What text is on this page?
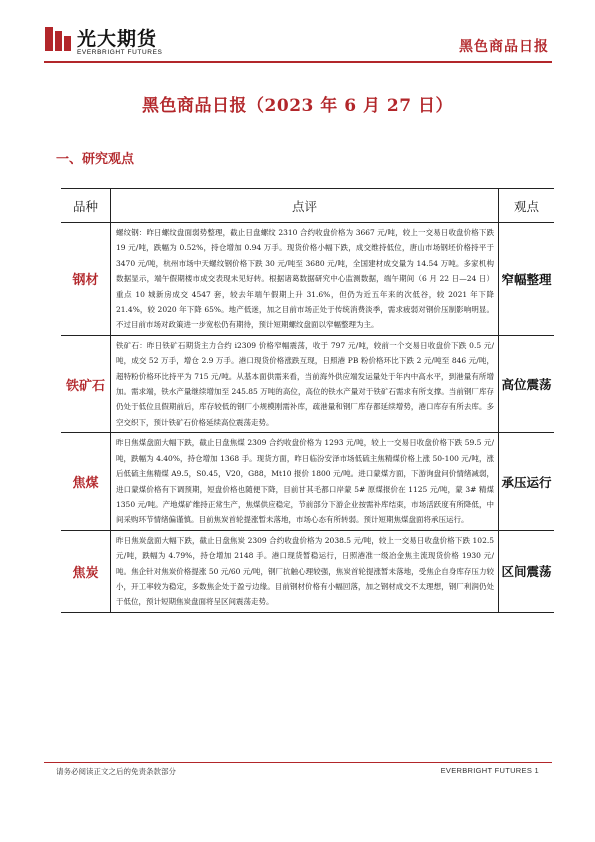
光大期货
EVERBRIGHT FUTURES	黑色商品日报
黑色商品日报（2023 年 6 月 27 日）
一、研究观点
品种	点评	观点
钢材	螺纹钢：昨日螺纹盘面弱势整理，截止日盘螺纹 2310 合约收盘价格为 3667 元/吨，较上一交易日收盘价格下跌 19 元/吨，跌幅为 0.52%，持仓增加 0.94 万手。现货价格小幅下跌，成交维持低位，唐山市场钢坯价格持平于 3470 元/吨，杭州市场中天螺纹钢价格下跌 30 元/吨至 3680 元/吨，全国建材成交量为 14.54 万吨。多家机构数据显示，端午假期楼市成交表现未见好转。根据诸葛数据研究中心监测数据，端午期间（6 月 22 日—24 日）重点 10 城新房成交 4547 套，较去年端午假期上升 31.6%，但仍为近五年来的次低谷，较 2021 年下降 21.4%，较 2020 年下降 65%。地产低迷，加之目前市场正处于传统消费淡季，需求疲弱对钢价压制影响明显。不过目前市场对政策进一步宽松仍有期待，预计短期螺纹盘面以窄幅整理为主。	窄幅整理
铁矿石	铁矿石：昨日铁矿石期货主力合约 i2309 价格窄幅震荡，收于 797 元/吨，较前一个交易日收盘价下跌 0.5 元/吨，成交 52 万手，增仓 2.9 万手。港口现货价格涨跌互现，日照港 PB 粉价格环比下跌 2 元/吨至 846 元/吨，超特粉价格环比持平为 715 元/吨。从基本面供需来看，当前海外供应端发运量处于年内中高水平，到港量有所增加。需求端，铁水产量继续增加至 245.85 万吨的高位，高位的铁水产量对于铁矿石需求有所支撑。当前钢厂库存仍处于低位且假期前后，库存较低的钢厂小规模刚需补库，疏港量和钢厂库存都延续增势，港口库存有所去库。多空交织下，预计铁矿石价格延续高位震荡走势。	高位震荡
焦煤	昨日焦煤盘面大幅下跌，截止日盘焦煤 2309 合约收盘价格为 1293 元/吨，较上一交易日收盘价格下跌 59.5 元/吨，跌幅为 4.40%，持仓增加 1368 手。现货方面，昨日临汾安泽市场低硫主焦精煤价格上涨 50-100 元/吨，涨后低硫主焦精煤 A9.5，S0.45，V20，G88，Mt10 报价 1800 元/吨。进口蒙煤方面，下游询盘问价情绪减弱，进口蒙煤价格有下调预期，短盘价格也随便下降，目前甘其毛都口岸蒙 5# 原煤报价在 1125 元/吨，蒙 3# 精煤 1350 元/吨。产地煤矿维持正常生产，焦煤供应稳定，节前部分下游企业按需补库结束，市场活跃度有所降低，中间采购环节情绪偏谨慎。目前焦炭首轮提涨暂未落地，市场心态有所转弱。预计短期焦煤盘面将承压运行。	承压运行
焦炭	昨日焦炭盘面大幅下跌，截止日盘焦炭 2309 合约收盘价格为 2038.5 元/吨，较上一交易日收盘价格下跌 102.5 元/吨，跌幅为 4.79%，持仓增加 2148 手。港口现货暂稳运行，日照港准一级冶金焦主流现货价格 1930 元/吨。焦企针对焦炭价格提涨 50 元/60 元/吨，钢厂抗触心理较强，焦炭首轮提涨暂未落地，受焦企自身库存压力较小，开工率较为稳定，多数焦企处于盈亏边缘。目前钢材价格有小幅回落，加之钢材成交不太理想，钢厂利润仍处于低位，预计短期焦炭盘面将呈区间震荡走势。	区间震荡
请务必阅读正文之后的免责条款部分	EVERBRIGHT FUTURES 1
